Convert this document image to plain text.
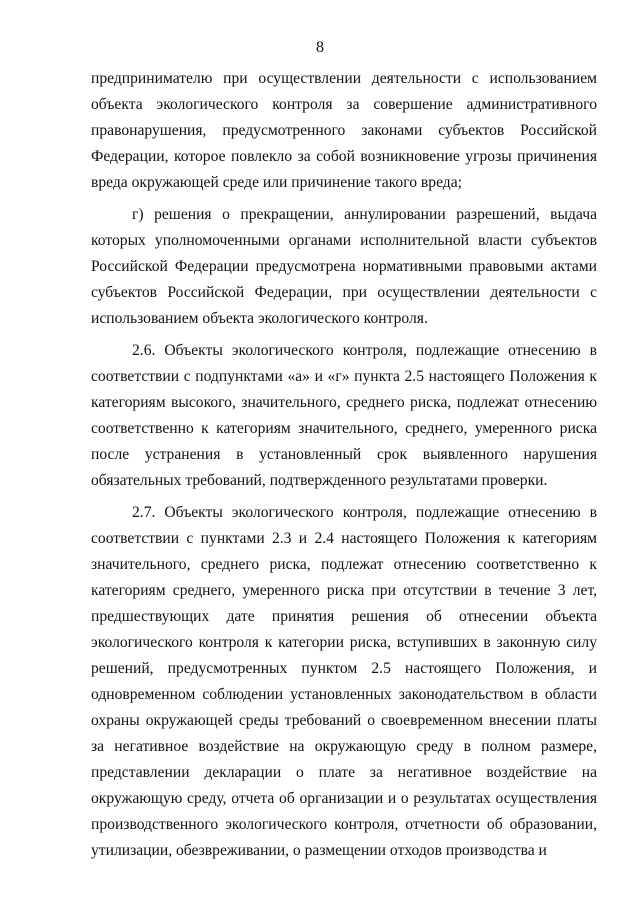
8

предпринимателю при осуществлении деятельности с использованием объекта экологического контроля за совершение административного правонарушения, предусмотренного законами субъектов Российской Федерации, которое повлекло за собой возникновение угрозы причинения вреда окружающей среде или причинение такого вреда;

г) решения о прекращении, аннулировании разрешений, выдача которых уполномоченными органами исполнительной власти субъектов Российской Федерации предусмотрена нормативными правовыми актами субъектов Российской Федерации, при осуществлении деятельности с использованием объекта экологического контроля.

2.6. Объекты экологического контроля, подлежащие отнесению в соответствии с подпунктами «а» и «г» пункта 2.5 настоящего Положения к категориям высокого, значительного, среднего риска, подлежат отнесению соответственно к категориям значительного, среднего, умеренного риска после устранения в установленный срок выявленного нарушения обязательных требований, подтвержденного результатами проверки.

2.7. Объекты экологического контроля, подлежащие отнесению в соответствии с пунктами 2.3 и 2.4 настоящего Положения к категориям значительного, среднего риска, подлежат отнесению соответственно к категориям среднего, умеренного риска при отсутствии в течение 3 лет, предшествующих дате принятия решения об отнесении объекта экологического контроля к категории риска, вступивших в законную силу решений, предусмотренных пунктом 2.5 настоящего Положения, и одновременном соблюдении установленных законодательством в области охраны окружающей среды требований о своевременном внесении платы за негативное воздействие на окружающую среду в полном размере, представлении декларации о плате за негативное воздействие на окружающую среду, отчета об организации и о результатах осуществления производственного экологического контроля, отчетности об образовании, утилизации, обезвреживании, о размещении отходов производства и
